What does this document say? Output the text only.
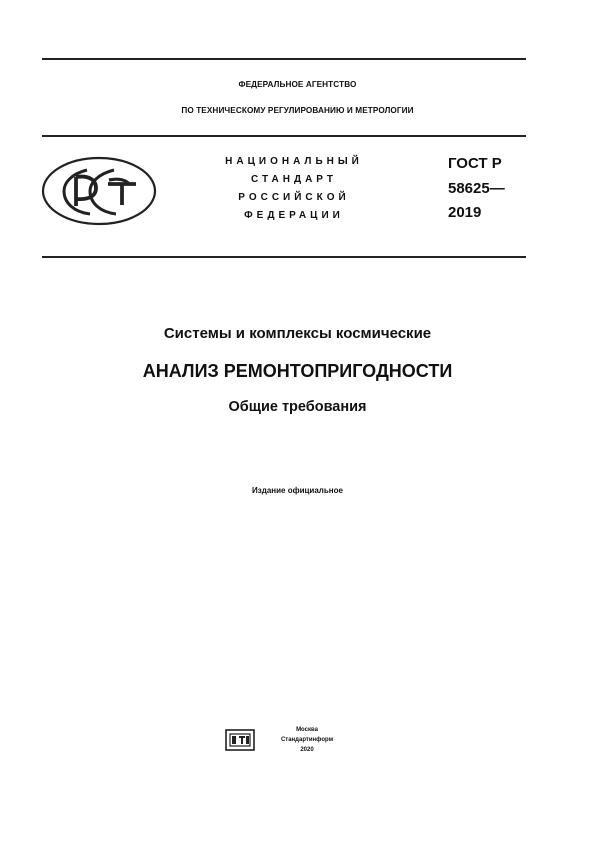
ФЕДЕРАЛЬНОЕ АГЕНТСТВО
ПО ТЕХНИЧЕСКОМУ РЕГУЛИРОВАНИЮ И МЕТРОЛОГИИ
НАЦИОНАЛЬНЫЙ
СТАНДАРТ
РОССИЙСКОЙ
ФЕДЕРАЦИИ
ГОСТ Р
58625—
2019
Системы и комплексы космические
АНАЛИЗ РЕМОНТОПРИГОДНОСТИ
Общие требования
Издание официальное
Москва
Стандартинформ
2020
